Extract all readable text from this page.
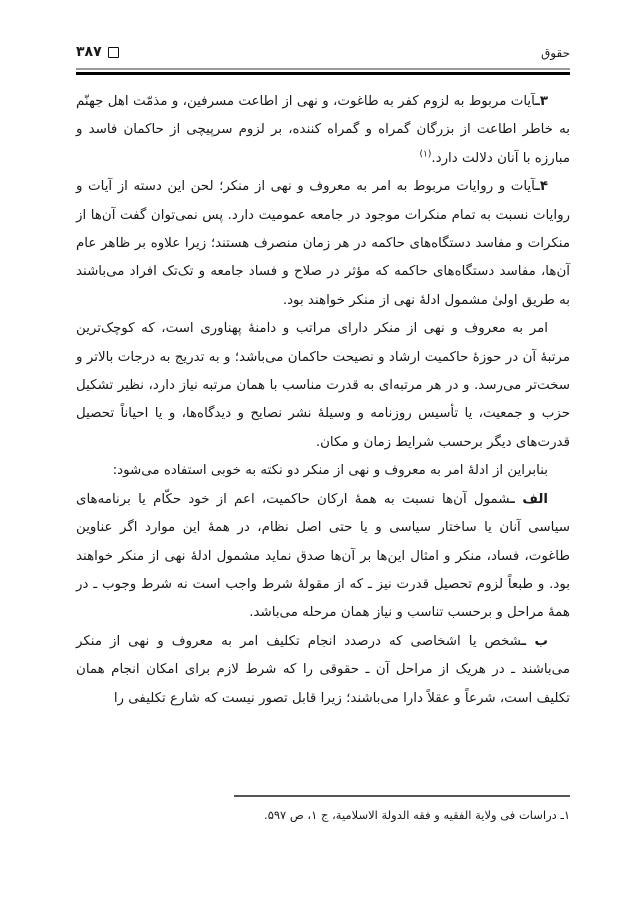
حقوق
۳۸۷

۳ـآیات مربوط به لزوم کفر به طاغوت، و نهی از اطاعت مسرفین، و مذمّت اهل جهنّم به خاطر اطاعت از بزرگان گمراه و گمراه کننده، بر لزوم سرپیچی از حاکمان فاسد و مبارزه با آنان دلالت دارد.$^{(۱)}$

۴ـآیات و روایات مربوط به امر به معروف و نهی از منکر؛ لحن این دسته از آیات و روایات نسبت به تمام منکرات موجود در جامعه عمومیت دارد. پس نمی‌توان گفت آن‌ها از منکرات و مفاسد دستگاه‌های حاکمه در هر زمان منصرف هستند؛ زیرا علاوه بر ظاهر عام آن‌ها، مفاسد دستگاه‌های حاکمه که مؤثر در صلاح و فساد جامعه و تک‌تک افراد می‌باشند به طریق اولیٰ مشمول ادلهٔ نهی از منکر خواهند بود.

امر به معروف و نهی از منکر دارای مراتب و دامنهٔ پهناوری است، که کوچک‌ترین مرتبهٔ آن در حوزهٔ حاکمیت ارشاد و نصیحت حاکمان می‌باشد؛ و به تدریج به درجات بالاتر و سخت‌تر می‌رسد. و در هر مرتبه‌ای به قدرت مناسب با همان مرتبه نیاز دارد، نظیر تشکیل حزب و جمعیت، یا تأسیس روزنامه و وسیلهٔ نشر نصایح و دیدگاه‌ها، و یا احیاناً تحصیل قدرت‌های دیگر برحسب شرایط زمان و مکان.

بنابراین از ادلهٔ امر به معروف و نهی از منکر دو نکته به خوبی استفاده می‌شود:

الف ـشمول آن‌ها نسبت به همهٔ ارکان حاکمیت، اعم از خود حکّام یا برنامه‌های سیاسی آنان یا ساختار سیاسی و یا حتی اصل نظام، در همهٔ این موارد اگر عناوین طاغوت، فساد، منکر و امثال این‌ها بر آن‌ها صدق نماید مشمول ادلهٔ نهی از منکر خواهند بود. و طبعاً لزوم تحصیل قدرت نیز ـ که از مقولهٔ شرط واجب است نه شرط وجوب ـ در همهٔ مراحل و برحسب تناسب و نیاز همان مرحله می‌باشد.

ب ـشخص یا اشخاصی که درصدد انجام تکلیف امر به معروف و نهی از منکر می‌باشند ـ در هریک از مراحل آن ـ حقوقی را که شرط لازم برای امکان انجام همان تکلیف است، شرعاً و عقلاً دارا می‌باشند؛ زیرا قابل تصور نیست که شارع تکلیفی را

۱ـ دراسات فی ولایة الفقیه و فقه الدولة الاسلامیة، ج ۱، ص ۵۹۷.
